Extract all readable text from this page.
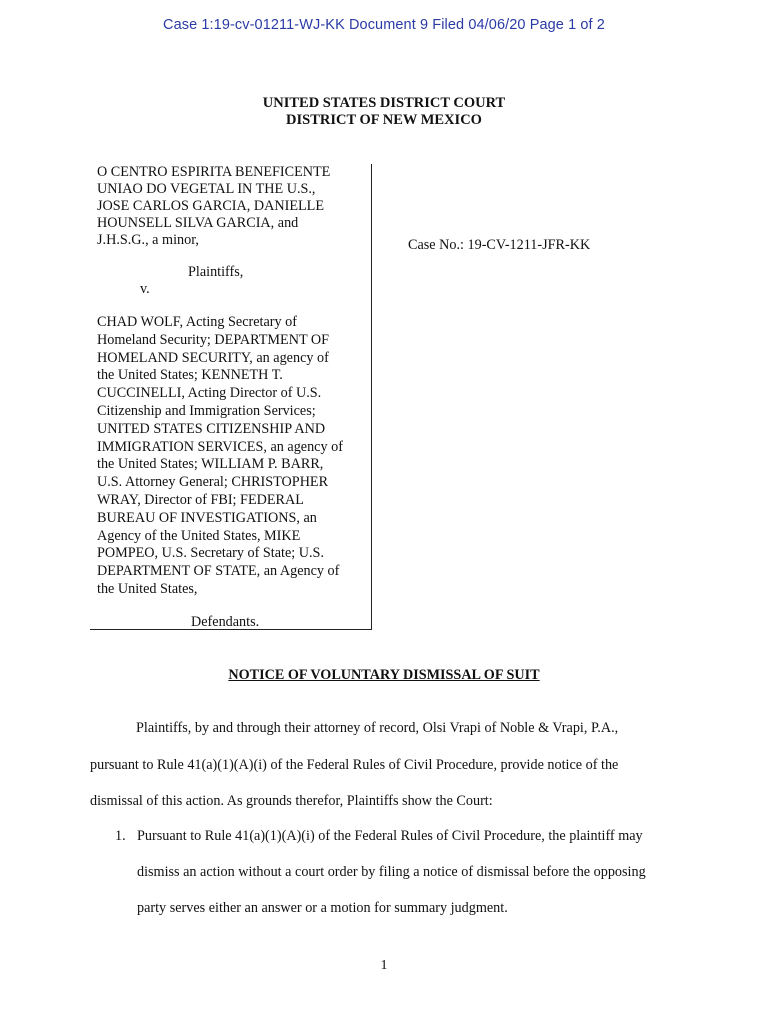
Case 1:19-cv-01211-WJ-KK Document 9 Filed 04/06/20 Page 1 of 2
UNITED STATES DISTRICT COURT
DISTRICT OF NEW MEXICO
O CENTRO ESPIRITA BENEFICENTE
UNIAO DO VEGETAL IN THE U.S.,
JOSE CARLOS GARCIA, DANIELLE
HOUNSELL SILVA GARCIA, and
J.H.S.G., a minor,
Plaintiffs,
v.
CHAD WOLF, Acting Secretary of
Homeland Security; DEPARTMENT OF
HOMELAND SECURITY, an agency of
the United States; KENNETH T.
CUCCINELLI, Acting Director of U.S.
Citizenship and Immigration Services;
UNITED STATES CITIZENSHIP AND
IMMIGRATION SERVICES, an agency of
the United States; WILLIAM P. BARR,
U.S. Attorney General; CHRISTOPHER
WRAY, Director of FBI; FEDERAL
BUREAU OF INVESTIGATIONS, an
Agency of the United States, MIKE
POMPEO, U.S. Secretary of State; U.S.
DEPARTMENT OF STATE, an Agency of
the United States,
Defendants.
Case No.: 19-CV-1211-JFR-KK
NOTICE OF VOLUNTARY DISMISSAL OF SUIT
Plaintiffs, by and through their attorney of record, Olsi Vrapi of Noble & Vrapi, P.A.,
pursuant to Rule 41(a)(1)(A)(i) of the Federal Rules of Civil Procedure, provide notice of the
dismissal of this action. As grounds therefor, Plaintiffs show the Court:
1. Pursuant to Rule 41(a)(1)(A)(i) of the Federal Rules of Civil Procedure, the plaintiff may
dismiss an action without a court order by filing a notice of dismissal before the opposing
party serves either an answer or a motion for summary judgment.
1
